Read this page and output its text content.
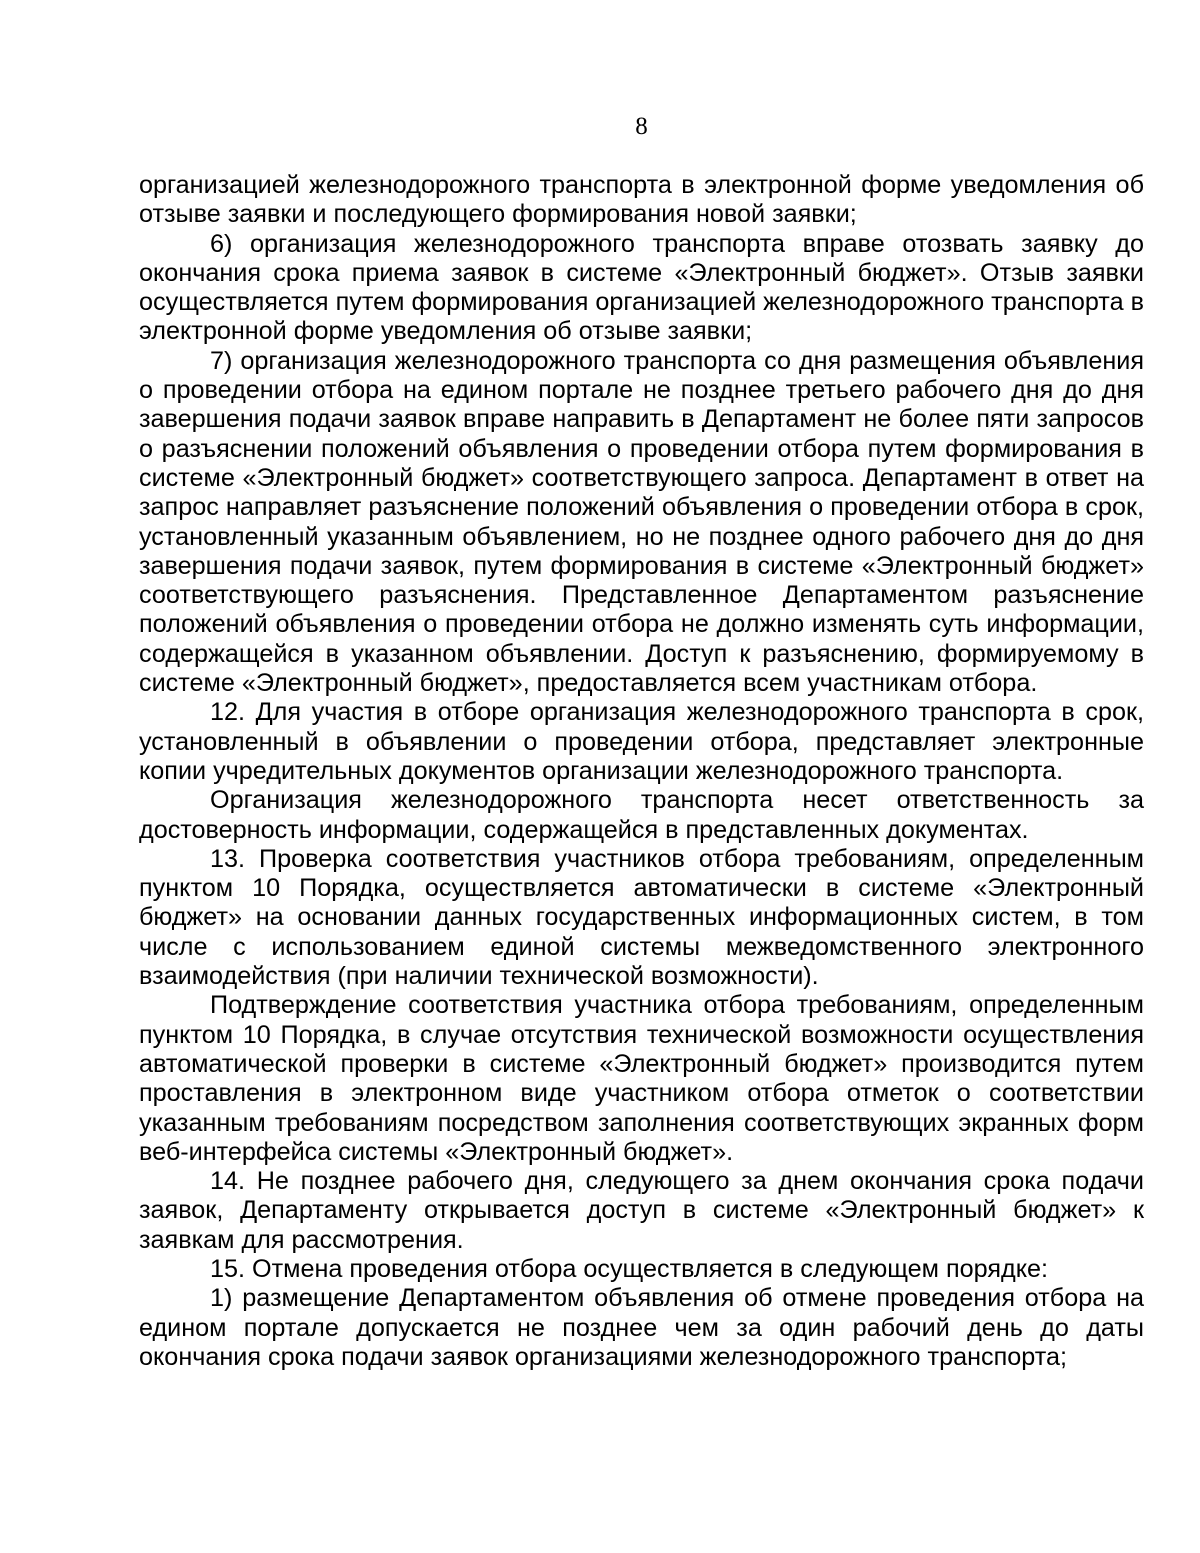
8

организацией железнодорожного транспорта в электронной форме уведомления об отзыве заявки и последующего формирования новой заявки;

6) организация железнодорожного транспорта вправе отозвать заявку до окончания срока приема заявок в системе «Электронный бюджет». Отзыв заявки осуществляется путем формирования организацией железнодорожного транспорта в электронной форме уведомления об отзыве заявки;

7) организация железнодорожного транспорта со дня размещения объявления о проведении отбора на едином портале не позднее третьего рабочего дня до дня завершения подачи заявок вправе направить в Департамент не более пяти запросов о разъяснении положений объявления о проведении отбора путем формирования в системе «Электронный бюджет» соответствующего запроса. Департамент в ответ на запрос направляет разъяснение положений объявления о проведении отбора в срок, установленный указанным объявлением, но не позднее одного рабочего дня до дня завершения подачи заявок, путем формирования в системе «Электронный бюджет» соответствующего разъяснения. Представленное Департаментом разъяснение положений объявления о проведении отбора не должно изменять суть информации, содержащейся в указанном объявлении. Доступ к разъяснению, формируемому в системе «Электронный бюджет», предоставляется всем участникам отбора.

12. Для участия в отборе организация железнодорожного транспорта в срок, установленный в объявлении о проведении отбора, представляет электронные копии учредительных документов организации железнодорожного транспорта.

Организация железнодорожного транспорта несет ответственность за достоверность информации, содержащейся в представленных документах.

13. Проверка соответствия участников отбора требованиям, определенным пунктом 10 Порядка, осуществляется автоматически в системе «Электронный бюджет» на основании данных государственных информационных систем, в том числе с использованием единой системы межведомственного электронного взаимодействия (при наличии технической возможности).

Подтверждение соответствия участника отбора требованиям, определенным пунктом 10 Порядка, в случае отсутствия технической возможности осуществления автоматической проверки в системе «Электронный бюджет» производится путем проставления в электронном виде участником отбора отметок о соответствии указанным требованиям посредством заполнения соответствующих экранных форм веб-интерфейса системы «Электронный бюджет».

14. Не позднее рабочего дня, следующего за днем окончания срока подачи заявок, Департаменту открывается доступ в системе «Электронный бюджет» к заявкам для рассмотрения.

15. Отмена проведения отбора осуществляется в следующем порядке:

1) размещение Департаментом объявления об отмене проведения отбора на едином портале допускается не позднее чем за один рабочий день до даты окончания срока подачи заявок организациями железнодорожного транспорта;
